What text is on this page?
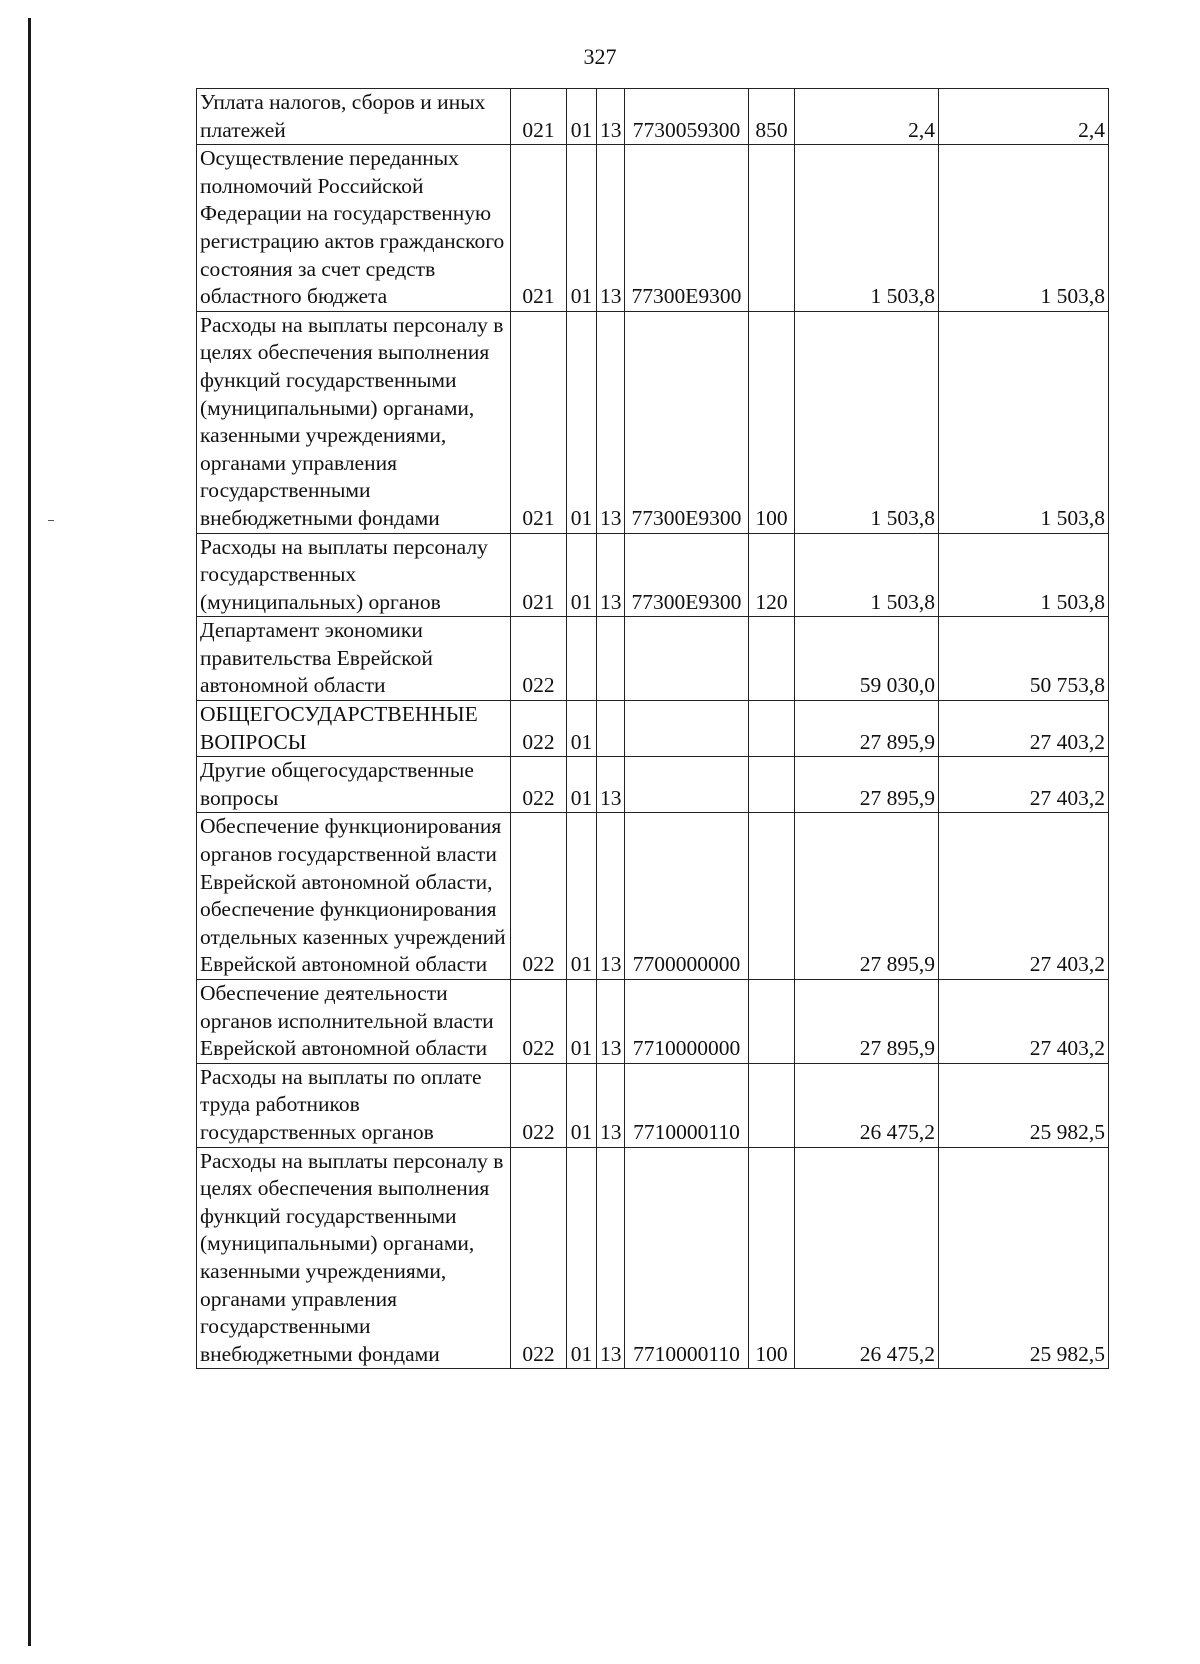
327
Уплата налогов, сборов и иных платежей	021	01	13	7730059300	850	2,4	2,4
Осуществление переданных полномочий Российской Федерации на государственную регистрацию актов гражданского состояния за счет средств областного бюджета	021	01	13	77300Е9300		1 503,8	1 503,8
Расходы на выплаты персоналу в целях обеспечения выполнения функций государственными (муниципальными) органами, казенными учреждениями, органами управления государственными внебюджетными фондами	021	01	13	77300Е9300	100	1 503,8	1 503,8
Расходы на выплаты персоналу государственных (муниципальных) органов	021	01	13	77300Е9300	120	1 503,8	1 503,8
Департамент экономики правительства Еврейской автономной области	022					59 030,0	50 753,8
ОБЩЕГОСУДАРСТВЕННЫЕ ВОПРОСЫ	022	01				27 895,9	27 403,2
Другие общегосударственные вопросы	022	01	13			27 895,9	27 403,2
Обеспечение функционирования органов государственной власти Еврейской автономной области, обеспечение функционирования отдельных казенных учреждений Еврейской автономной области	022	01	13	7700000000		27 895,9	27 403,2
Обеспечение деятельности органов исполнительной власти Еврейской автономной области	022	01	13	7710000000		27 895,9	27 403,2
Расходы на выплаты по оплате труда работников государственных органов	022	01	13	7710000110		26 475,2	25 982,5
Расходы на выплаты персоналу в целях обеспечения выполнения функций государственными (муниципальными) органами, казенными учреждениями, органами управления государственными внебюджетными фондами	022	01	13	7710000110	100	26 475,2	25 982,5
